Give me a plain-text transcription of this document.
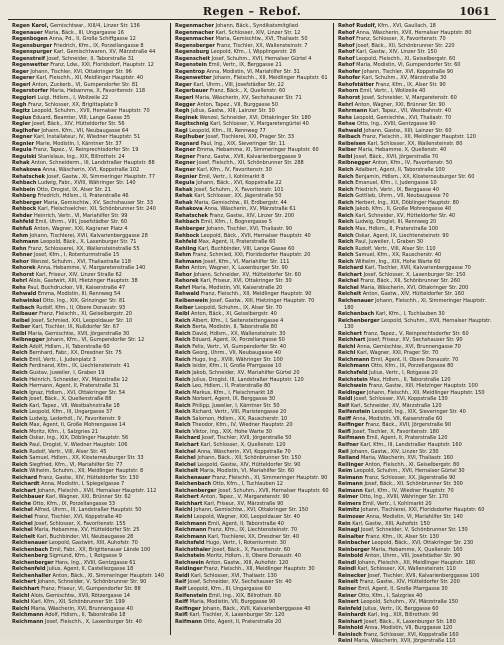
Regen – Rebof.	1061

Regen Karol, Gemischtwar., XIII/4, Linzer Str. 136

Regenauer Maria, Bäck., III, Ungargasse 16

Regenbogen Anna, Pd., II, Große Schiffgasse 12

Regensburger Friedrich, Kfm., IX, Porzellangasse 8

Regenspurger Karl, Gemischtwaren, XV, Märzstraße 44

Regenstreif Josef, Schneider, II, Taborstraße 31

Regenwetter Franz, Ldw., XXI, Floridsdorf, Hauptstr. 12

Reger Johann, Tischler, XVI, Ottakringer Str. 96

Regerer Karl, Fleischh., XII, Meidlinger Hauptstr. 40

Regerl Anton, Zuckerb., VI, Gumpendorfer Str. 81

Regerstorfer Maria, Hebamme, X, Favoritenstr. 118

Reggiori Luigi, Hdlsm., I, Wollzeile 22

Regh Franz, Schlosser, XX, Brigittaplatz 9

Regitz Leopold, Schuhm., XVII, Hernalser Hauptstr. 70

Regius Eduard, Beamter, VIII, Lange Gasse 35

Regler Josef, Bäck., XIV, Hütteldorfer Str. 56

Reglhofer Johann, Kfm., VII, Neubaugasse 64

Regner Karl, Installateur, IV, Wiedner Hauptstr. 51

Regnier Marie, Modistin, I, Kärntner Str. 37

Regula Franz, Tapez., V, Reinprechtsdorfer Str. 19

Regulski Stanislaus, Ing., XIX, Billrothstr. 24

Rehak Anton, Schneiderm., III, Landstraßer Hauptstr. 88

Rehakowa Anna, Wäscherin, XVI, Koppstraße 102

Rehatschek Josef, Gastw., XI, Simmeringer Hauptstr. 77

Rehbach Ludwig, Fabr., XVIII, Währinger Str. 140

Rehbein Otto, Drogist, IX, Alser Str. 21

Rehberg Friedrich, Hdlsm., II, Praterstraße 46

Rehberger Maria, Gemischtw., XV, Sechshauser Str. 33

Rehbock Karl, Fleischselcher, XII, Schönbrunner Str. 240

Rehder Heinrich, Vertr., VI, Mariahilfer Str. 99

Rehfeld Emil, Uhrm., VIII, Josefstädter Str. 60

Rehfuß Anton, Wagner, XXI, Kagraner Platz 4

Rehm Johann, Tischlerei, XVII, Kalvarienberggasse 28

Rehmann Leopold, Bäck., X, Laxenburger Str. 71

Rehn Franz, Schlosserei, XX, Wallensteinstraße 55

Rehner Josef, Kfm., I, Rotenturmstraße 15

Rehor Wenzel, Schuhm., XVI, Thaliastraße 118

Rehorek Anna, Hebamme, V, Margaretenstraße 140

Rehorst Karl, Friseur, XIV, Linzer Straße 62

Rehrl Alois, Gastwirt, XIII, Hietzinger Hauptstr. 38

Rehs Paul, Buchdrucker, VII, Kaiserstraße 47

Rehwald Emma, Modistin, III, Rennweg 54

Rehwinkel Otto, Ing., XIX, Grinzinger Str. 81

Reibach Rudolf, Kfm., II, Obere Donaustr. 93

Reibauer Franz, Fleischh., XI, Geiselbergstr. 20

Reibel Josef, Schmied, XXI, Leopoldauer Str. 10

Reiber Karl, Tischler, IX, Nußdorfer Str. 67

Reibl Maria, Gemischtw., XVII, Jörgerstraße 30

Reibnegger Johann, Kfm., VI, Gumpendorfer Str. 12

Reich Adolf, Hdlsm., II, Taborstraße 60

Reich Bernhard, Fabr., XX, Dresdner Str. 75

Reich Emil, Vertr., I, Judenplatz 3

Reich Ferdinand, Kfm., IX, Liechtensteinstr. 41

Reich Gustav, Juwelier, I, Graben 19

Reich Heinrich, Schneider, XV, Märzstraße 12

Reich Hermann, Agent, II, Praterstraße 31

Reich Ignaz, Hdlsm., XVI, Ottakringer Str. 54

Reich Josef, Bäck., X, Quellenstraße 88

Reich Karl, Tapez., VII, Westbahnstraße 18

Reich Leopold, Kfm., III, Ungargasse 37

Reich Ludwig, Lederhdl., IV, Favoritenstr. 9

Reich Max, Agent, II, Große Mohrengasse 14

Reich Moritz, Kfm., I, Salzgries 21

Reich Oskar, Ing., XIX, Döblinger Hauptstr. 56

Reich Paul, Drogist, V, Wiedner Hauptstr. 106

Reich Rudolf, Vertr., VIII, Alser Str. 45

Reich Samuel, Hdlsm., XX, Klosterneuburger Str. 33

Reich Siegfried, Kfm., VI, Mariahilfer Str. 77

Reich Wilhelm, Schuhm., XII, Meidlinger Hauptstr. 8

Reichard Franz, Gastw., XIV, Hütteldorfer Str. 130

Reichardt Anna, Modistin, I, Spiegelgasse 7

Reichart Johann, Fleischh., XVII, Hernalser Hauptstr. 112

Reichbauer Karl, Wagner, XXI, Brünner Str. 62

Reiche Otto, Kfm., IX, Porzellangasse 33

Reichel Alfred, Uhrm., III, Landstraßer Hauptstr. 50

Reichel Franz, Tischler, XVI, Koppstraße 40

Reichel Josef, Schlosser, X, Favoritenstr. 155

Reichel Maria, Hebamme, XV, Hütteldorfer Str. 25

Reichelt Karl, Buchbinder, VII, Neubaugasse 28

Reichenauer Leopold, Gastwirt, XIII, Auhofstr. 70

Reichenbach Emil, Fabr., XX, Brigittenauer Lände 100

Reichenberg Sigmund, Kfm., I, Rotgasse 9

Reichenberger Hans, Ing., XVIII, Gentzgasse 61

Reichenfeld Julius, Agent, II, Castellezgasse 18

Reichenhaller Anton, Bäck., XI, Simmeringer Hauptstr. 140

Reichert Johann, Schneider, V, Schönbrunner Str. 90

Reichhart Franz, Friseur, VI, Gumpendorfer Str. 88

Reichl Alois, Gemischtw., XVII, Rötzergasse 14

Reichl Karl, Kfm., XII, Schönbrunner Str. 199

Reichl Maria, Wäscherin, XVI, Brunnengasse 40

Reichmann Adolf, Hdlsm., II, Taborstraße 18

Reichmann Josef, Fleischh., X, Laxenburger Str. 40

Regenmacher Johann, Bäck., Syndikatsmitglied

Regenmacher Karl, Schlosser, XIV, Linzer Str. 12

Regenmacher Maria, Gemischtw., XVI, Thaliastr. 50

Regensberger Franz, Tischler, XX, Wallensteinstr. 7

Regensburg Leopold, Kfm., I, Wipplingerstr. 28

Regenscheit Josef, Schuhm., XVII, Hernalser Gürtel 4

Regenstein Emil, Vertr., IX, Berggasse 21

Regentrop Anna, Modistin, VI, Mariahilfer Str. 31

Regenwetter Johann, Fleischh., XII, Meidlinger Hauptstr. 61

Reger Karl, Uhrm., VIII, Josefstädter Str. 22

Regerbauer Franz, Bäck., X, Quellenstr. 60

Regerl Maria, Wäscherin, XV, Sechshauser Str. 71

Regger Anton, Tapez., VII, Burggasse 50

Regh Julius, Gastw., XIII, Lainzer Str. 30

Reginek Wenzel, Schneider, XVI, Ottakringer Str. 180

Regitschnig Karl, Schlosser, V, Margaretengürtel 40

Regl Leopold, Kfm., III, Rennweg 77

Reglhuber Josef, Tischlerei, XXI, Prager Str. 33

Regnard Paul, Ing., XIX, Sieveringer Str. 11

Regner Emma, Hebamme, XI, Simmeringer Hauptstr. 60

Regner Franz, Gastw., XVII, Kalvarienberggasse 9

Regner Josef, Fleischh., XII, Schönbrunner Str. 288

Regner Karl, Kfm., IV, Favoritenstr. 30

Regnier Emil, Vertr., I, Kohlmarkt 8

Regula Johann, Bäck., XVI, Koppstraße 22

Rehak Josef, Schuhm., X, Favoritenstr. 101

Rehak Karl, Schlosser, XX, Jägerstraße 50

Rehak Maria, Gemischtw., III, Erdbergstr. 44

Rehakova Anna, Wäscherin, XV, Märzstraße 61

Rehatschek Franz, Gastw., XIV, Linzer Str. 200

Rehbach Emil, Kfm., I, Bognergasse 5

Rehberger Johann, Tischler, XVI, Thaliastr. 90

Rehbock Leopold, Bäck., XVII, Hernalser Hauptstr. 40

Rehfeld Max, Agent, II, Praterstraße 60

Rehling Karl, Buchbinder, VIII, Lange Gasse 60

Rehm Franz, Schmied, XXI, Floridsdorfer Hauptstr. 20

Rehmann Josef, Kfm., VI, Mariahilfer Str. 111

Rehn Anton, Wagner, X, Laxenburger Str. 90

Rehor Johann, Schneider, XV, Hütteldorfer Str. 60

Rehorek Karl, Friseur, XVI, Ottakringer Str. 30

Rehrl Maria, Modistin, VII, Kaiserstraße 20

Rehwald Franz, Fleischh., XII, Meidlinger Hauptstr. 90

Reibenwein Josef, Gastw., XIII, Hietzinger Hauptstr. 70

Reiber Leopold, Schuhm., IX, Alser Str. 70

Reibl Anton, Bäck., XI, Geiselbergstr. 40

Reich Albert, Kfm., I, Seitenstettengasse 4

Reich Berta, Modistin, II, Taborstraße 80

Reich David, Hdlsm., XX, Wallensteinstr. 30

Reich Eduard, Agent, IX, Porzellangasse 50

Reich Felix, Vertr., VI, Gumpendorfer Str. 40

Reich Georg, Uhrm., VII, Neubaugasse 40

Reich Hugo, Ing., XVIII, Währinger Str. 100

Reich Isidor, Kfm., II, Große Pfarrgasse 10

Reich Jakob, Schneider, XV, Mariahilfer Gürtel 20

Reich Julius, Drogist, III, Landstraßer Hauptstr. 120

Reich Leo, Hdlsm., II, Praterstraße 80

Reich Markus, Kfm., I, Fleischmarkt 18

Reich Norbert, Agent, IX, Berggasse 30

Reich Philipp, Juwelier, I, Kärntner Str. 50

Reich Richard, Vertr., VIII, Piaristengasse 20

Reich Salomon, Hdlsm., XX, Rauscherstr. 10

Reich Theodor, Kfm., IV, Wiedner Hauptstr. 20

Reich Viktor, Ing., XIX, Hohe Warte 30

Reichard Josef, Tischler, XVII, Jörgerstraße 50

Reichart Karl, Schlosser, X, Quellenstr. 120

Reichel Anna, Wäscherin, XVI, Koppstraße 70

Reichel Johann, Bäck., XII, Schönbrunner Str. 150

Reichel Leopold, Gastw., XIV, Hütteldorfer Str. 90

Reichelt Maria, Modistin, VI, Mariahilfer Str. 60

Reichenauer Franz, Fleischh., XI, Simmeringer Hauptstr. 90

Reichenbach Otto, Kfm., I, Tuchlauben 12

Reichenberger Josef, Schuhm., XVII, Hernalser Hauptstr. 60

Reichert Anton, Tapez., V, Margaretenstr. 90

Reichhart Karl, Friseur, XV, Märzstraße 90

Reichl Johann, Gemischtw., XVI, Ottakringer Str. 150

Reichl Leopold, Wagner, XXI, Leopoldauer Str. 40

Reichmann Emil, Agent, II, Taborstraße 40

Reichmann Franz, Kfm., IX, Liechtensteinstr. 70

Reichmann Karl, Tischlerei, XX, Dresdner Str. 40

Reichsfeld Hugo, Vertr., I, Rotenturmstr. 30

Reichsthaler Josef, Bäck., X, Favoritenstr. 60

Reichstein Moritz, Hdlsm., II, Obere Donaustr. 40

Reichwein Anton, Gastw., XIII, Auhofstr. 120

Reidinger Franz, Fleischh., XII, Meidlinger Hauptstr. 30

Reidl Karl, Schlosser, XVI, Thaliastr. 130

Reif Josef, Schneider, XV, Sechshauser Str. 40

Reif Leopold, Kfm., III, Ungargasse 60

Reifenstein Emil, Ing., XIX, Billrothstr. 60

Reiff Maria, Modistin, VII, Burggasse 90

Reifinger Johann, Bäck., XVII, Kalvarienberggasse 40

Reifl Karl, Tischler, X, Laxenburger Str. 120

Reifmann Otto, Agent, II, Praterstraße 20

Rehof Rudolf, Kfm., XVI, Gaullach, 18

Rehof Anna, Wäscherin, XVII, Hernalser Hauptstr. 80

Rehof Franz, Schlosser, X, Favoritenstr. 70

Rehof Josef, Bäck., XII, Schönbrunner Str. 220

Rehof Karl, Gastw., XIV, Linzer Str. 150

Rehof Leopold, Fleischh., XI, Geiselbergstr. 60

Rehof Maria, Modistin, VI, Gumpendorfer Str. 60

Rehofer Johann, Tischler, XVI, Koppstraße 90

Rehofer Karl, Schuhm., XV, Märzstraße 30

Rehofstätter Franz, Kfm., IX, Alser Str. 90

Rehorn Emil, Vertr., I, Wollzeile 40

Rehorst Josef, Schneider, V, Margaretenstr. 60

Rehrl Anton, Wagner, XXI, Brünner Str. 90

Rehrmann Karl, Tapez., VII, Westbahnstr. 40

Rehs Leopold, Gemischtw., XVI, Thaliastr. 70

Rehse Otto, Ing., XVIII, Gentzgasse 90

Rehwald Johann, Gastw., XIII, Lainzer Str. 60

Reibach Franz, Fleischh., XII, Meidlinger Hauptstr. 120

Reibeisen Karl, Schlosser, XX, Wallensteinstr. 80

Reiber Maria, Hebamme, X, Quellenstr. 40

Reibl Josef, Bäck., XVII, Jörgerstraße 70

Reibnegger Anton, Kfm., IV, Favoritenstr. 50

Reich Adalbert, Agent, II, Taborstraße 100

Reich Benjamin, Hdlsm., XX, Klosterneuburger Str. 60

Reich Emanuel, Kfm., I, Judengasse 10

Reich Friedrich, Vertr., IX, Berggasse 40

Reich Gottlieb, Uhrm., VII, Neubaugasse 70

Reich Herbert, Ing., XIX, Döblinger Hauptstr. 80

Reich Jakob, Kfm., II, Große Mohrengasse 40

Reich Karl, Schneider, XV, Hütteldorfer Str. 40

Reich Ludwig, Drogist, III, Rennweg 20

Reich Max, Hdlsm., II, Praterstraße 100

Reich Oskar, Agent, IX, Liechtensteinstr. 90

Reich Paul, Juwelier, I, Graben 30

Reich Rudolf, Vertr., VIII, Alser Str. 110

Reich Samuel, Kfm., XX, Rauscherstr. 40

Reich Wilhelm, Ing., XIX, Hohe Warte 60

Reichard Karl, Tischler, XVII, Kalvarienberggasse 70

Reichart Josef, Schlosser, X, Laxenburger Str. 150

Reichel Franz, Bäck., XII, Schönbrunner Str. 260

Reichel Maria, Wäscherin, XVI, Ottakringer Str. 200

Reichelt Anton, Gastw., XIV, Hütteldorfer Str. 160

Reichenauer Johann, Fleischh., XI, Simmeringer Hauptstr. 180

Reichenbach Karl, Kfm., I, Tuchlauben 30

Reichenberger Leopold, Schuhm., XVII, Hernalser Hauptstr. 130

Reichert Franz, Tapez., V, Reinprechtsdorfer Str. 60

Reichhart Josef, Friseur, XV, Sechshauser Str. 90

Reichl Anna, Gemischtw., XVI, Brunnengasse 70

Reichl Karl, Wagner, XXI, Prager Str. 70

Reichmann Emil, Agent, II, Obere Donaustr. 70

Reichmann Otto, Kfm., IX, Porzellangasse 80

Reichsfeld Julius, Vertr., I, Rotgasse 20

Reichstein Max, Hdlsm., II, Taborstraße 120

Reichwein Franz, Gastw., XIII, Hietzinger Hauptstr. 100

Reidinger Johann, Fleischh., XII, Meidlinger Hauptstr. 150

Reidl Josef, Schlosser, XVI, Koppstraße 130

Reif Karl, Schneider, XV, Märzstraße 120

Reifenstein Leopold, Ing., XIX, Sieveringer Str. 40

Reiff Anna, Modistin, VII, Kaiserstraße 60

Reifinger Franz, Bäck., XVII, Jörgerstraße 90

Reifl Josef, Tischler, X, Favoritenstr. 180

Reifmann Emil, Agent, II, Praterstraße 120

Reifner Karl, Kfm., III, Landstraßer Hauptstr. 160

Reil Johann, Gastw., XIV, Linzer Str. 230

Reiland Maria, Wäscherin, XVI, Thaliastr. 160

Reilinger Anton, Fleischh., XI, Geiselbergstr. 80

Reim Leopold, Schuhm., XVII, Hernalser Gürtel 30

Reimann Franz, Schlosser, XX, Jägerstraße 90

Reimann Josef, Bäck., XII, Schönbrunner Str. 300

Reimann Karl, Kfm., IV, Wiedner Hauptstr. 70

Reimer Otto, Ing., XVIII, Währinger Str. 170

Reimers Emil, Vertr., I, Kohlmarkt 20

Reimitz Johann, Tischlerei, XXI, Floridsdorfer Hauptstr. 60

Reimoser Anna, Modistin, VI, Mariahilfer Str. 140

Rein Karl, Gastw., XIII, Auhofstr. 150

Reinagl Josef, Schneider, V, Schönbrunner Str. 130

Reinalter Franz, Kfm., IX, Alser Str. 130

Reinbacher Leopold, Bäck., XVI, Ottakringer Str. 230

Reinberger Maria, Hebamme, X, Quellenstr. 160

Reinbold Anton, Uhrm., VIII, Josefstädter Str. 90

Reindl Johann, Fleischh., XII, Meidlinger Hauptstr. 180

Reindl Karl, Schlosser, XX, Wallensteinstr. 110

Reinecker Josef, Tischler, XVII, Kalvarienberggasse 100

Reinelt Franz, Gastw., XIV, Hütteldorfer Str. 200

Reiner Emil, Agent, II, Große Pfarrgasse 30

Reiner Otto, Kfm., I, Salzgries 40

Reinert Leopold, Schuhm., XV, Märzstraße 150

Reinfeld Julius, Vertr., IX, Berggasse 60

Reinhardt Karl, Ing., XIX, Billrothstr. 90

Reinhart Josef, Bäck., X, Laxenburger Str. 180

Reinhold Anna, Modistin, VII, Burggasse 120

Reinisch Franz, Schlosser, XVI, Koppstraße 160

Reinl Maria, Wäscherin, XVII, Jörgerstraße 110
